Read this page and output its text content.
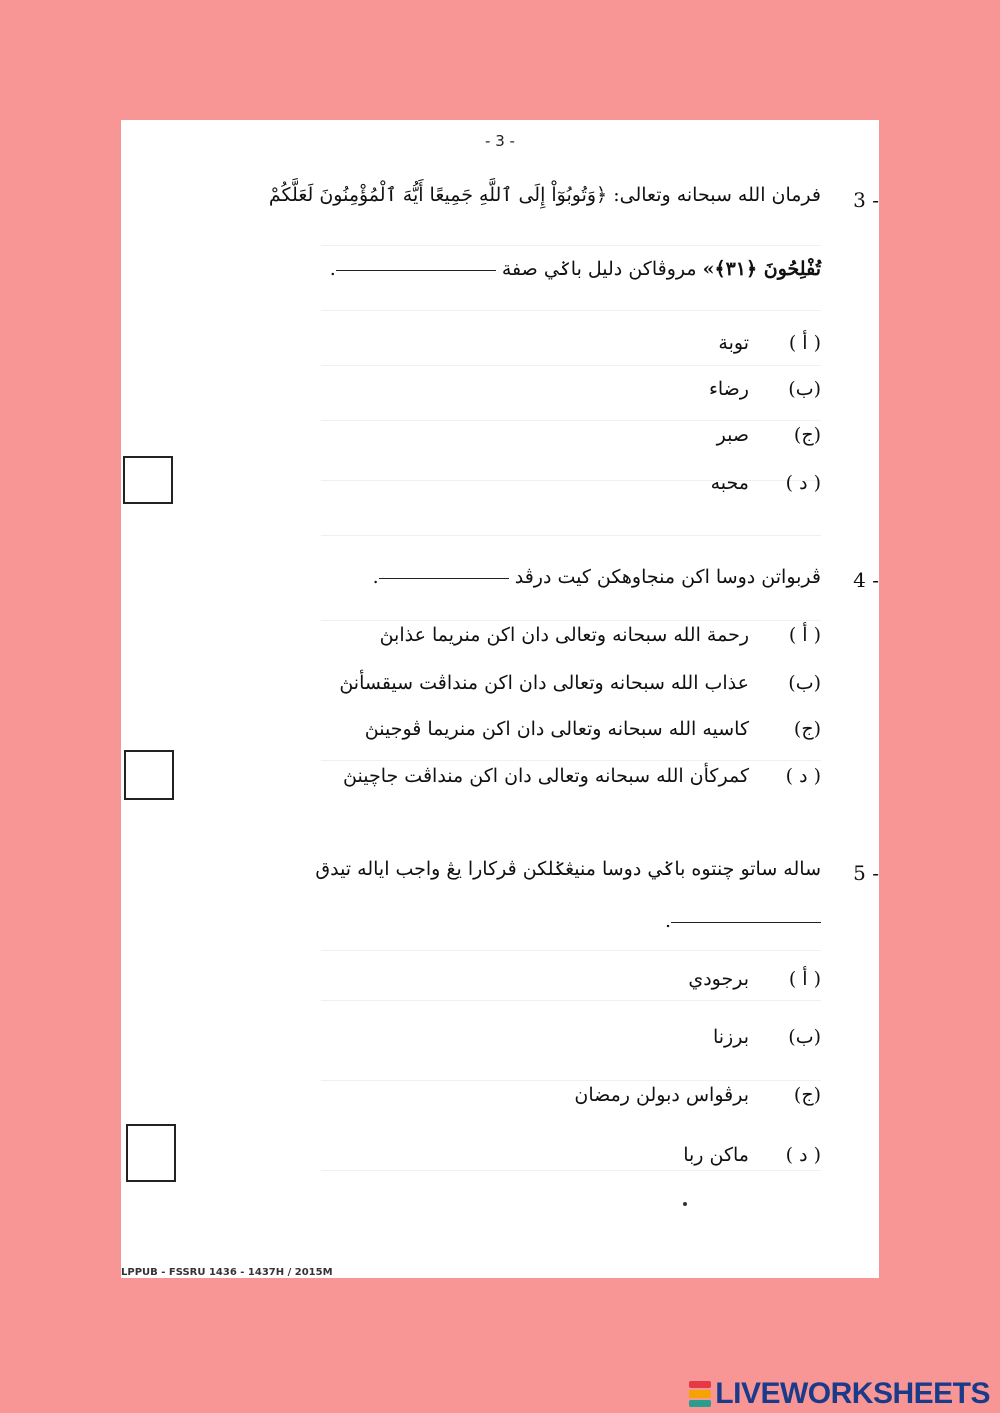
- 3 -
3 -
فرمان الله سبحانه وتعالى: ﴿وَتُوبُوٓاْ إِلَى ٱللَّهِ جَمِيعًا أَيُّهَ ٱلْمُؤْمِنُونَ لَعَلَّكُمْ
تُفْلِحُونَ ﴿٣١﴾» مروڤاكن دليل باݢي صفة .
( أ )
توبة
(ب)
رضاء
(ج)
صبر
( د )
محبه
4 -
ڤربواتن دوسا اكن منجاوهكن كيت درڤد .
( أ )
رحمة الله سبحانه وتعالى دان اكن منريما عذابڽ
(ب)
عذاب الله سبحانه وتعالى دان اكن منداڤت سيقسأنڽ
(ج)
كاسيه الله سبحانه وتعالى دان اكن منريما ڤوجينڽ
( د )
كمركأن الله سبحانه وتعالى دان اكن منداڤت جاچينڽ
5 -
ساله ساتو چنتوه باݢي دوسا منيڠݢلكن ڤركارا يڠ واجب اياله تيدق
.
( أ )
برجودي
(ب)
برزنا
(ج)
برڤواس دبولن رمضان
( د )
ماكن ربا
LPPUB - FSSRU 1436 - 1437H / 2015M
LIVEWORKSHEETS
